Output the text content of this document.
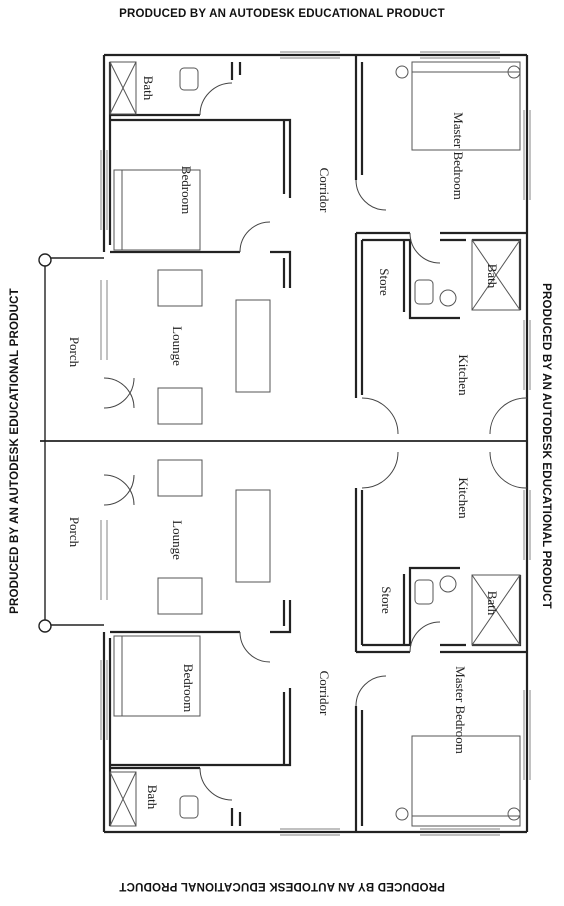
PRODUCED BY AN AUTODESK EDUCATIONAL PRODUCT
PRODUCED BY AN AUTODESK EDUCATIONAL PRODUCT	PRODUCED BY AN AUTODESK EDUCATIONAL PRODUCT
PRODUCED BY AN AUTODESK EDUCATIONAL PRODUCT
Bath
Bedroom	Corridor	Master Bedroom
Store	Bath
Lounge
Porch
Kitchen
Kitchen
Lounge
Porch
Store	Bath
Bedroom	Corridor	Master Bedroom
Bath
